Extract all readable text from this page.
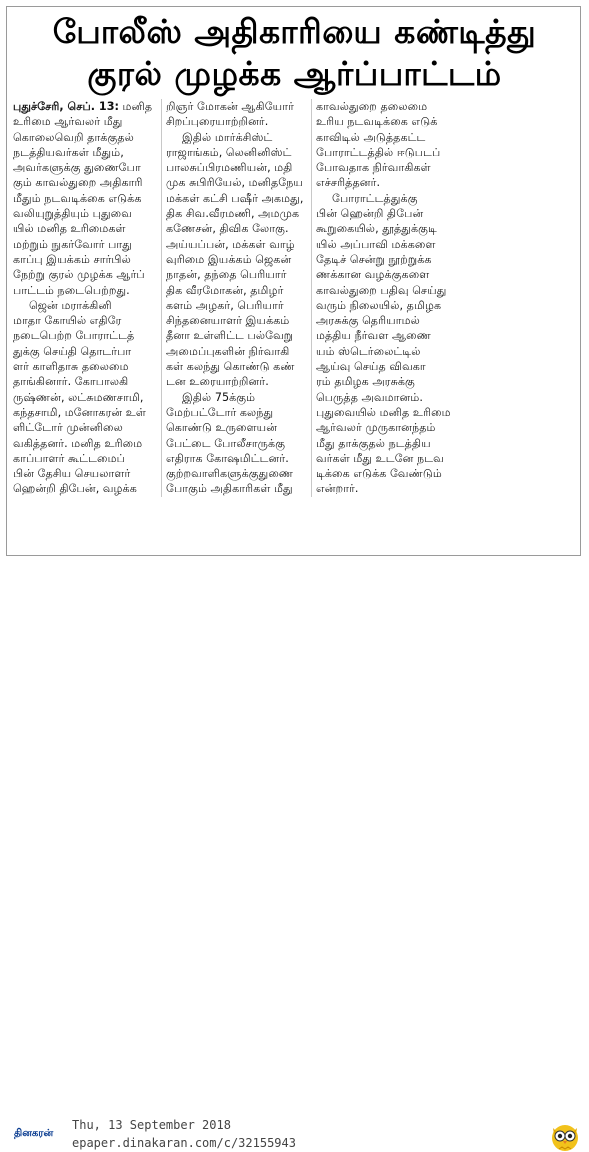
போலீஸ் அதிகாரியை கண்டித்து
குரல் முழக்க ஆர்ப்பாட்டம்

புதுச்சேரி, செப். 13: மனித

உரிமை ஆர்வலர் மீது

கொலைவெறி தாக்குதல்

நடத்தியவர்கள் மீதும்,

அவர்களுக்கு துணைபோ

கும் காவல்துறை அதிகாரி

மீதும் நடவடிக்கை எடுக்க

வலியுறுத்தியும் புதுவை

யில் மனித உரிமைகள்

மற்றும் நுகர்வோர் பாது

காப்பு இயக்கம் சார்பில்

நேற்று குரல் முழக்க ஆர்ப்

பாட்டம் நடைபெற்றது.

ஜென் மராக்கினி

மாதா கோயில் எதிரே

நடைபெற்ற போராட்டத்

துக்கு செய்தி தொடர்பா

ளர் காளிதாசு தலைமை

தாங்கினார். கோபாலகி

ருஷ்ணன், லட்சுமணசாமி,

கந்தசாமி, மனோகரன் உள்

ளிட்டோர் முன்னிலை

வகித்தனர். மனித உரிமை

காப்பாளர் கூட்டமைப்

பின் தேசிய செயலாளர்

ஹென்றி திபேன், வழக்க

றிஞர் மோகன் ஆகியோர்

சிறப்புரையாற்றினர்.

இதில் மார்க்சிஸ்ட்

ராஜாங்கம், லெனினிஸ்ட்

பாலசுப்பிரமணியன், மதி

முக சுபிரியேல், மனிதநேய

மக்கள் கட்சி பஷீர் அகமது,

திக சிவ.வீரமணி, அமமுக

கணேசன், திவிக லோகு.

அய்யப்பன், மக்கள் வாழ்

வுரிமை இயக்கம் ஜெகன்

நாதன், தந்தை பெரியார்

திக வீரமோகன், தமிழர்

களம் அழகர், பெரியார்

சிந்தனையாளர் இயக்கம்

தீனா உள்ளிட்ட பல்வேறு

அமைப்புகளின் நிர்வாகி

கள் கலந்து கொண்டு கண்

டன உரையாற்றினர்.

இதில் 75க்கும்

மேற்பட்டோர் கலந்து

கொண்டு உருளையன்

பேட்டை போலீசாருக்கு

எதிராக கோஷமிட்டனர்.

குற்றவாளிகளுக்குதுணை

போகும் அதிகாரிகள் மீது

காவல்துறை தலைமை

உரிய நடவடிக்கை எடுக்

காவிடில் அடுத்தகட்ட

போராட்டத்தில் ஈடுபடப்

போவதாக நிர்வாகிகள்

எச்சரித்தனர்.

போராட்டத்துக்கு

பின் ஹென்றி திபேன்

கூறுகையில், தூத்துக்குடி

யில் அப்பாவி மக்களை

தேடிச் சென்று நூற்றுக்க

ணக்கான வழக்குகளை

காவல்துறை பதிவு செய்து

வரும் நிலையில், தமிழக

அரசுக்கு தெரியாமல்

மத்திய நீர்வள ஆணை

யம் ஸ்டெர்லைட்டில்

ஆய்வு செய்த விவகா

ரம் தமிழக அரசுக்கு

பெருத்த அவமானம்.

புதுவையில் மனித உரிமை

ஆர்வலர் முருகானந்தம்

மீது தாக்குதல் நடத்திய

வர்கள் மீது உடனே நடவ

டிக்கை எடுக்க வேண்டும்

என்றார்.

தினகரன்
Thu, 13 September 2018
epaper.dinakaran.com/c/32155943
